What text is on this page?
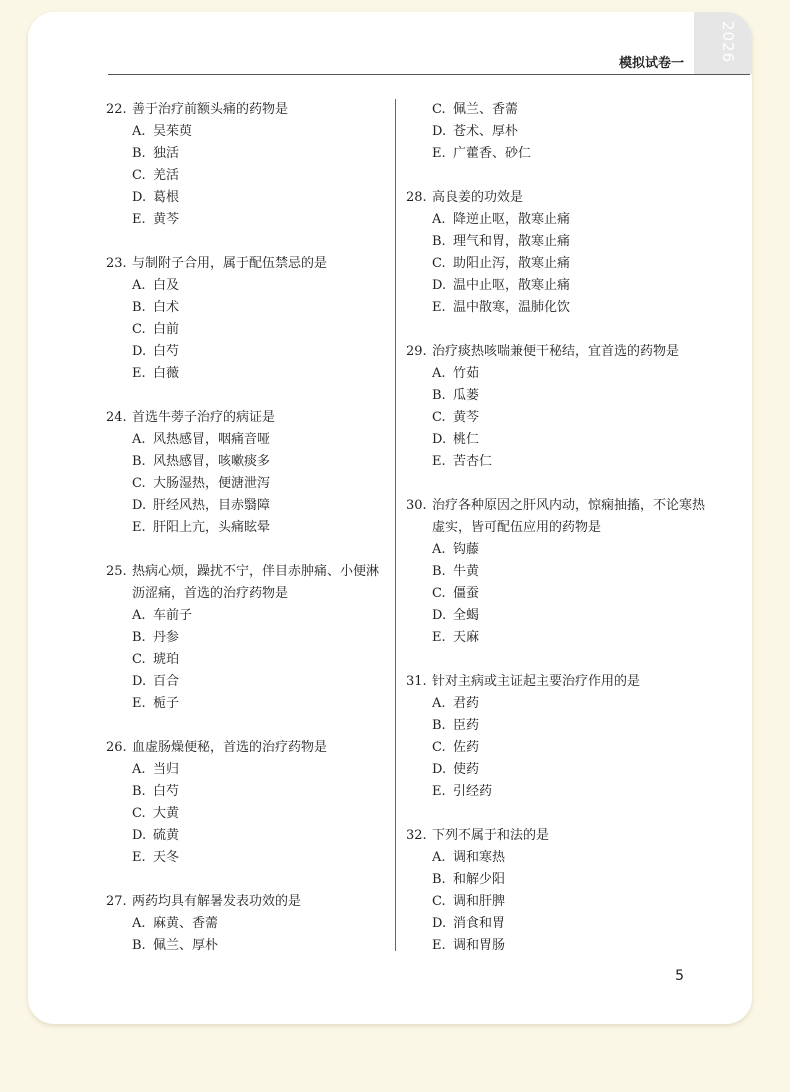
2026
模拟试卷一
22. 善于治疗前额头痛的药物是
A. 吴茱萸
B. 独活
C. 羌活
D. 葛根
E. 黄芩
23. 与制附子合用，属于配伍禁忌的是
A. 白及
B. 白术
C. 白前
D. 白芍
E. 白薇
24. 首选牛蒡子治疗的病证是
A. 风热感冒，咽痛音哑
B. 风热感冒，咳嗽痰多
C. 大肠湿热，便溏泄泻
D. 肝经风热，目赤翳障
E. 肝阳上亢，头痛眩晕
25. 热病心烦，躁扰不宁，伴目赤肿痛、小便淋沥涩痛，首选的治疗药物是
A. 车前子
B. 丹参
C. 琥珀
D. 百合
E. 栀子
26. 血虚肠燥便秘，首选的治疗药物是
A. 当归
B. 白芍
C. 大黄
D. 硫黄
E. 天冬
27. 两药均具有解暑发表功效的是
A. 麻黄、香薷
B. 佩兰、厚朴
C. 佩兰、香薷
D. 苍术、厚朴
E. 广藿香、砂仁
28. 高良姜的功效是
A. 降逆止呕，散寒止痛
B. 理气和胃，散寒止痛
C. 助阳止泻，散寒止痛
D. 温中止呕，散寒止痛
E. 温中散寒，温肺化饮
29. 治疗痰热咳喘兼便干秘结，宜首选的药物是
A. 竹茹
B. 瓜蒌
C. 黄芩
D. 桃仁
E. 苦杏仁
30. 治疗各种原因之肝风内动，惊痫抽搐，不论寒热虚实，皆可配伍应用的药物是
A. 钩藤
B. 牛黄
C. 僵蚕
D. 全蝎
E. 天麻
31. 针对主病或主证起主要治疗作用的是
A. 君药
B. 臣药
C. 佐药
D. 使药
E. 引经药
32. 下列不属于和法的是
A. 调和寒热
B. 和解少阳
C. 调和肝脾
D. 消食和胃
E. 调和胃肠
5
